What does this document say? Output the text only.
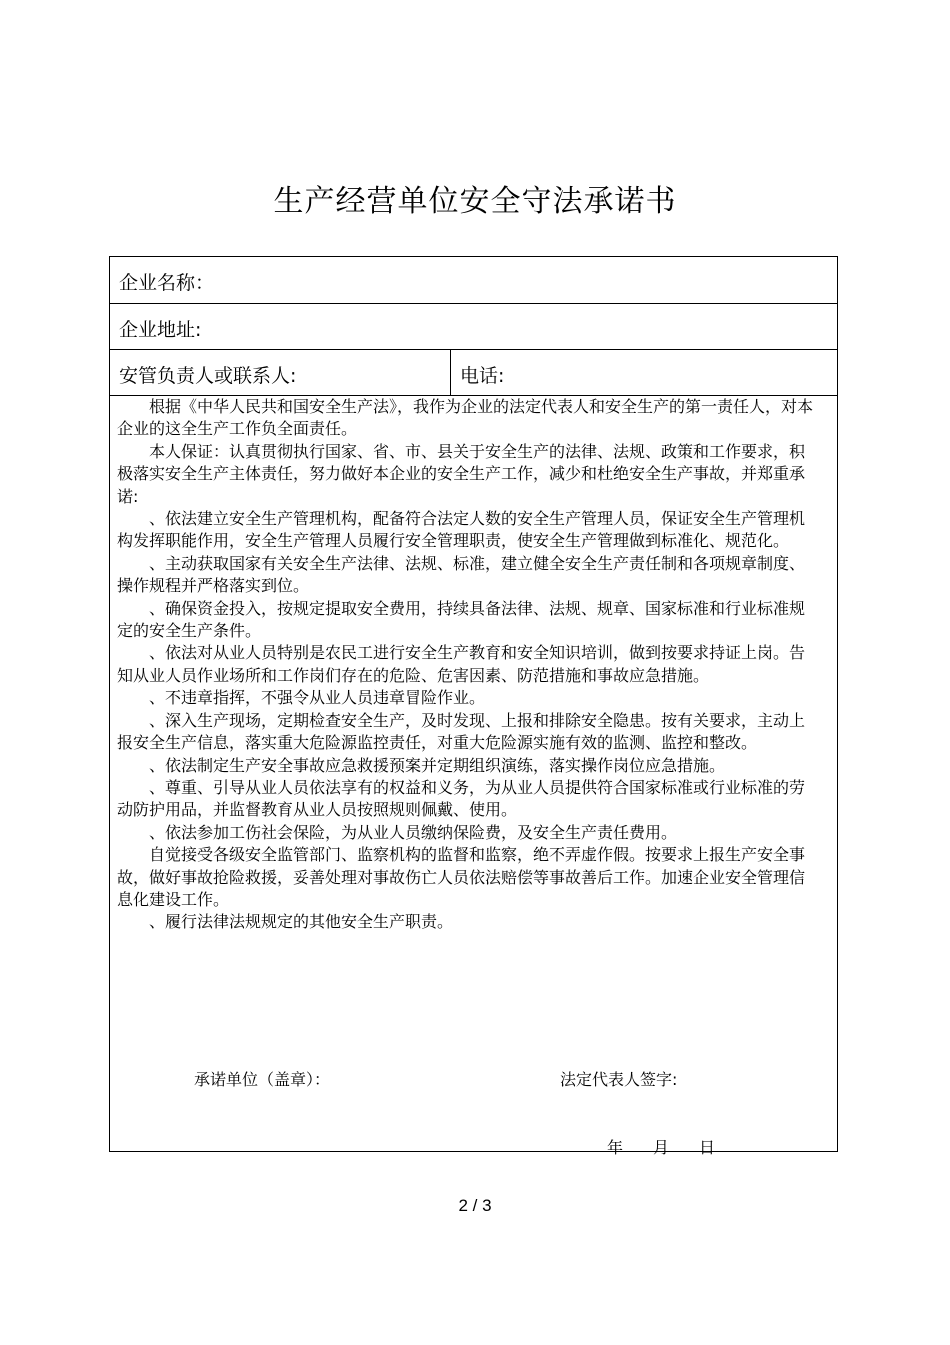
生产经营单位安全守法承诺书
企业名称：
企业地址:
安管负责人或联系人:	电话:

根据《中华人民共和国安全生产法》，我作为企业的法定代表人和安全生产的第一责任人，对本企业的这全生产工作负全面责任。

本人保证：认真贯彻执行国家、省、市、县关于安全生产的法律、法规、政策和工作要求，积极落实安全生产主体责任，努力做好本企业的安全生产工作，减少和杜绝安全生产事故，并郑重承诺:

、依法建立安全生产管理机构，配备符合法定人数的安全生产管理人员，保证安全生产管理机构发挥职能作用，安全生产管理人员履行安全管理职责，使安全生产管理做到标准化、规范化。

、主动获取国家有关安全生产法律、法规、标准，建立健全安全生产责任制和各项规章制度、操作规程并严格落实到位。

、确保资金投入，按规定提取安全费用，持续具备法律、法规、规章、国家标准和行业标准规定的安全生产条件。

、依法对从业人员特别是农民工进行安全生产教育和安全知识培训，做到按要求持证上岗。告知从业人员作业场所和工作岗们存在的危险、危害因素、防范措施和事故应急措施。

、不违章指挥，不强令从业人员违章冒险作业。

、深入生产现场，定期检查安全生产，及时发现、上报和排除安全隐患。按有关要求，主动上报安全生产信息，落实重大危险源监控责任，对重大危险源实施有效的监测、监控和整改。

、依法制定生产安全事故应急救援预案并定期组织演练，落实操作岗位应急措施。

、尊重、引导从业人员依法享有的权益和义务，为从业人员提供符合国家标准或行业标准的劳动防护用品，并监督教育从业人员按照规则佩戴、使用。

、依法参加工伤社会保险，为从业人员缴纳保险费，及安全生产责任费用。

自觉接受各级安全监管部门、监察机构的监督和监察，绝不弄虚作假。按要求上报生产安全事故，做好事故抢险救援，妥善处理对事故伤亡人员依法赔偿等事故善后工作。加速企业安全管理信息化建设工作。

、履行法律法规规定的其他安全生产职责。

承诺单位（盖章）：	法定代表人签字:
年 月 日
2 / 3
